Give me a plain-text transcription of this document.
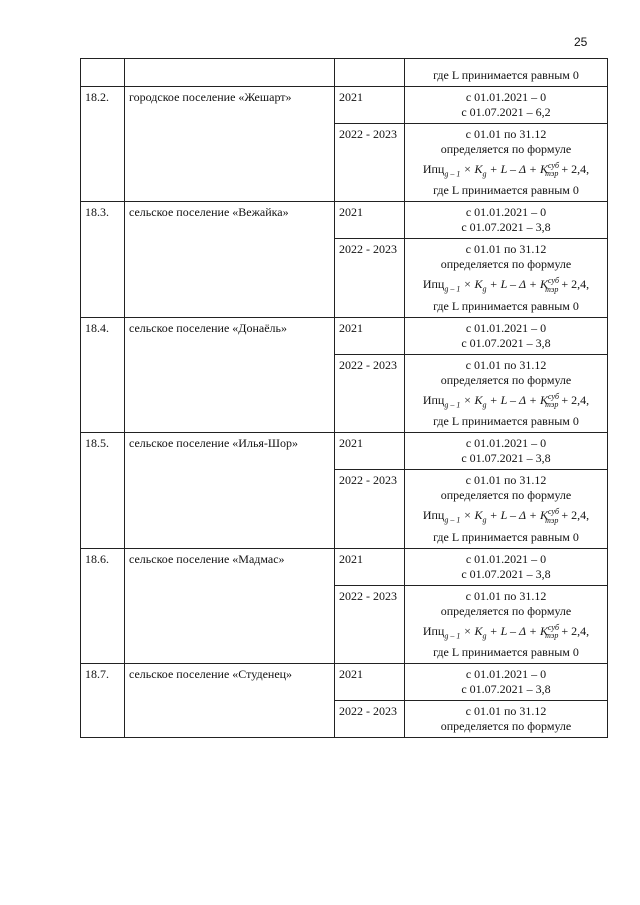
25

			где L принимается равным 0

18.2.	городское поселение «Жешарт»	2021	с 01.01.2021 – 0
с 01.07.2021 – 6,2

		2022 - 2023	с 01.01 по 31.12
определяется по формуле
$Ипц_{g - 1} \times K_g + L - \Delta + K^{суб}_{тэр} + 2,4$,
где L принимается равным 0

18.3.	сельское поселение «Вежайка»	2021	с 01.01.2021 – 0
с 01.07.2021 – 3,8

		2022 - 2023	с 01.01 по 31.12
определяется по формуле
$Ипц_{g - 1} \times K_g + L - \Delta + K^{суб}_{тэр} + 2,4$,
где L принимается равным 0

18.4.	сельское поселение «Донаёль»	2021	с 01.01.2021 – 0
с 01.07.2021 – 3,8

		2022 - 2023	с 01.01 по 31.12
определяется по формуле
$Ипц_{g - 1} \times K_g + L - \Delta + K^{суб}_{тэр} + 2,4$,
где L принимается равным 0

18.5.	сельское поселение «Илья-Шор»	2021	с 01.01.2021 – 0
с 01.07.2021 – 3,8

		2022 - 2023	с 01.01 по 31.12
определяется по формуле
$Ипц_{g - 1} \times K_g + L - \Delta + K^{суб}_{тэр} + 2,4$,
где L принимается равным 0

18.6.	сельское поселение «Мадмас»	2021	с 01.01.2021 – 0
с 01.07.2021 – 3,8

		2022 - 2023	с 01.01 по 31.12
определяется по формуле
$Ипц_{g - 1} \times K_g + L - \Delta + K^{суб}_{тэр} + 2,4$,
где L принимается равным 0

18.7.	сельское поселение «Студенец»	2021	с 01.01.2021 – 0
с 01.07.2021 – 3,8

		2022 - 2023	с 01.01 по 31.12
определяется по формуле
